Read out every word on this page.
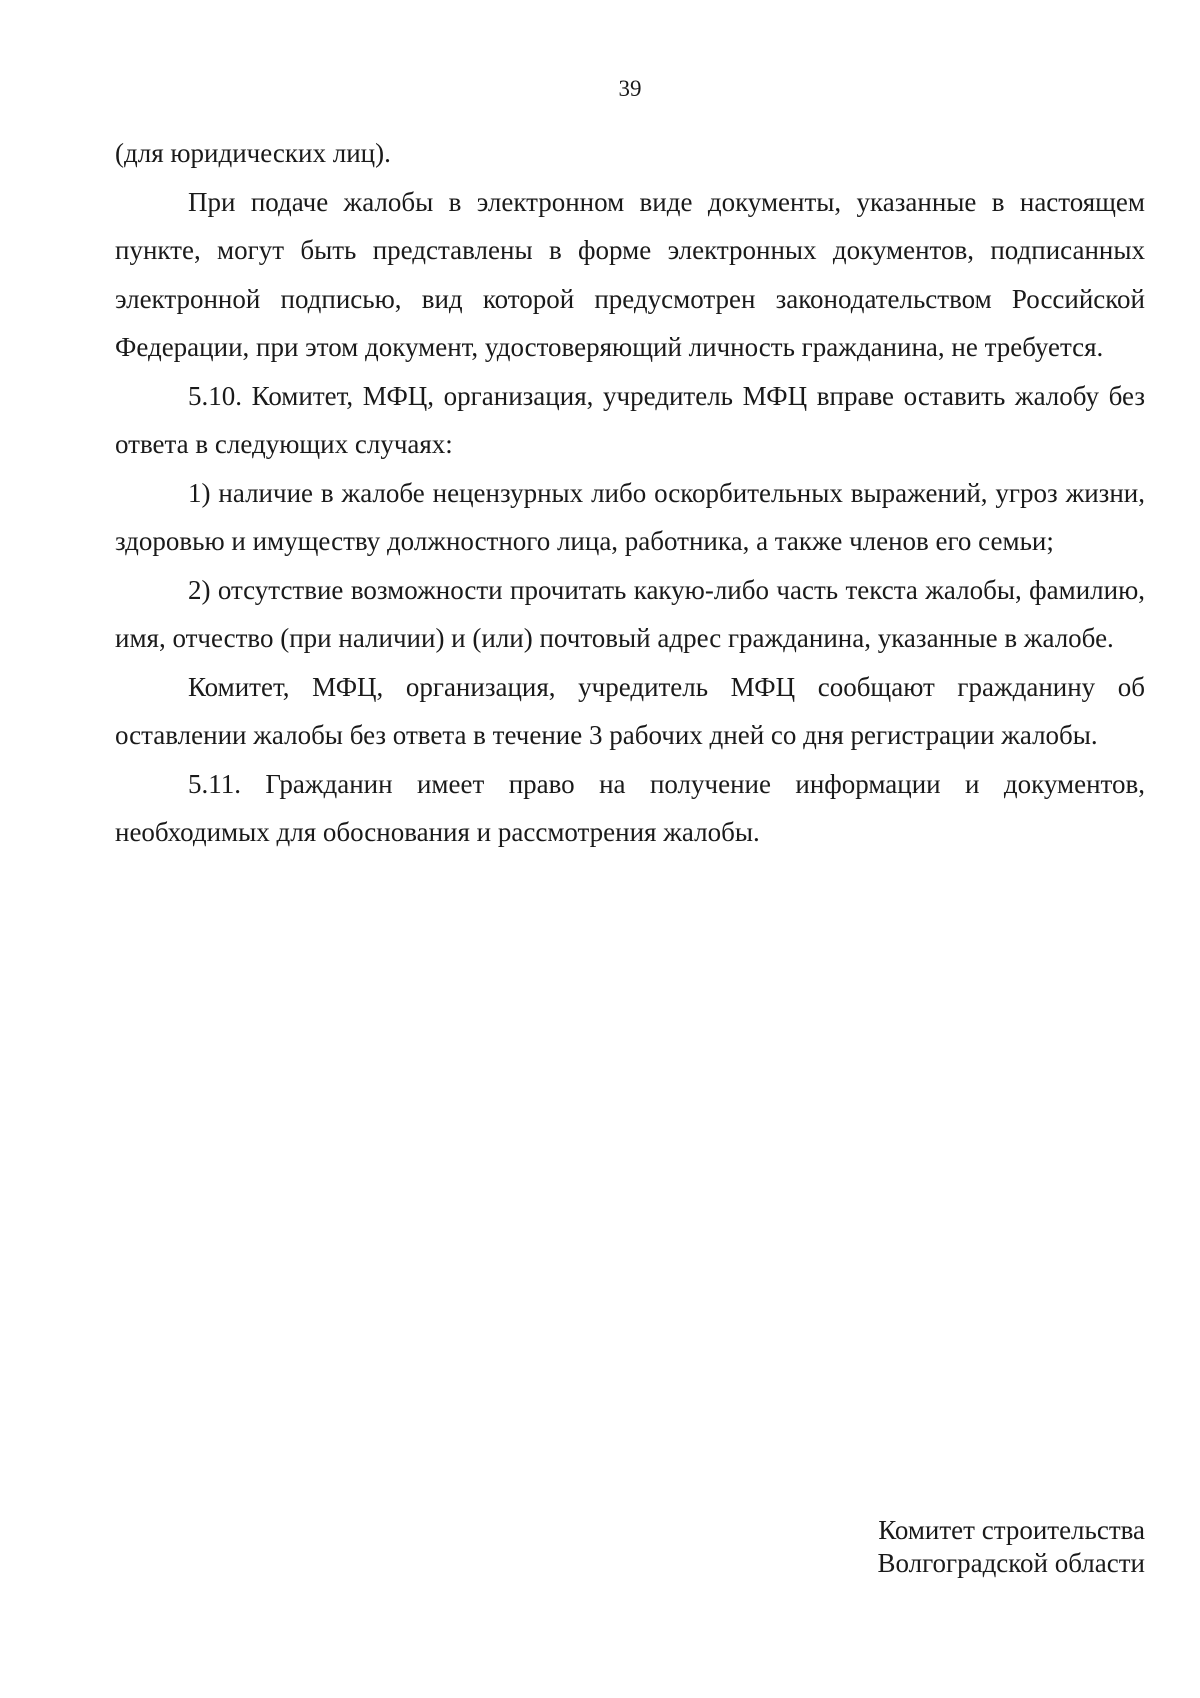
39

(для юридических лиц).

При подаче жалобы в электронном виде документы, указанные в настоящем пункте, могут быть представлены в форме электронных документов, подписанных электронной подписью, вид которой предусмотрен законодательством Российской Федерации, при этом документ, удостоверяющий личность гражданина, не требуется.

5.10. Комитет, МФЦ, организация, учредитель МФЦ вправе оставить жалобу без ответа в следующих случаях:

1) наличие в жалобе нецензурных либо оскорбительных выражений, угроз жизни, здоровью и имуществу должностного лица, работника, а также членов его семьи;

2) отсутствие возможности прочитать какую-либо часть текста жалобы, фамилию, имя, отчество (при наличии) и (или) почтовый адрес гражданина, указанные в жалобе.

Комитет, МФЦ, организация, учредитель МФЦ сообщают гражданину об оставлении жалобы без ответа в течение 3 рабочих дней со дня регистрации жалобы.

5.11. Гражданин имеет право на получение информации и документов, необходимых для обоснования и рассмотрения жалобы.

Комитет строительства
Волгоградской области
